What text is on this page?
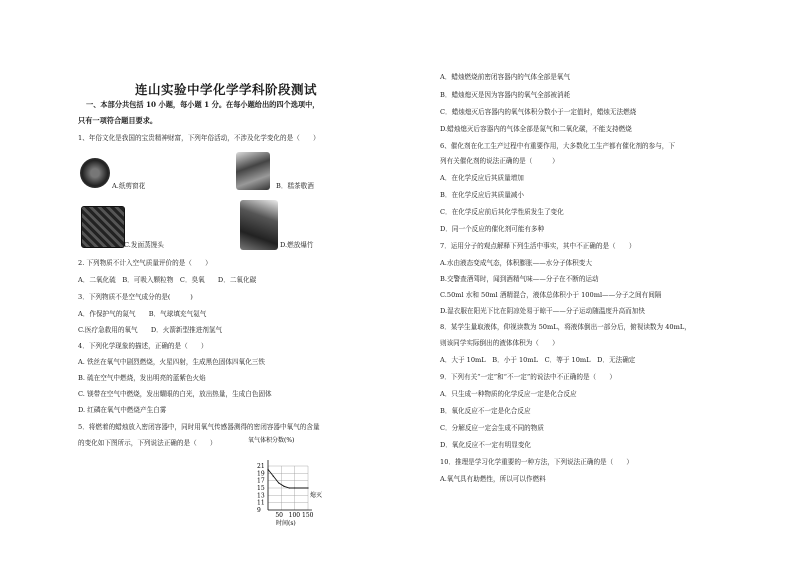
连山实验中学化学学科阶段测试
一、本部分共包括 10 小题，每小题 1 分。在每小题给出的四个选项中，
只有一项符合题目要求。
1、年俗文化是我国的宝贵精神财富，下列年俗活动，不涉及化学变化的是（　　）
A.纸剪窗花	B．糕茶敬酒
C.发面蒸馒头	D.燃放爆竹
2. 下列物质不计入空气质量评价的是（　　）
A．二氧化硫　B．可吸入颗粒物　C．臭氧　　D．二氧化碳
3．下列物质不是空气成分的是(　　　)
A．作保护气的氮气　　B．气球填充气氦气
C.医疗急救用的氧气　　D．火箭新型推进剂氢气
4．下列化学现象的描述，正确的是（　　）
A. 铁丝在氧气中剧烈燃烧，火星四射，生成黑色固体四氧化三铁
B. 硫在空气中燃烧，发出明亮的蓝紫色火焰
C. 镁带在空气中燃烧，发出耀眼的白光，放出热量，生成白色固体
D. 红磷在氧气中燃烧产生白雾
5．将燃着的蜡烛放入密闭容器中，同时用氧气传感器测得的密闭容器中氧气的含量
的变化如下图所示，下列说法正确的是（　　）	氧气体积分数(%)
21
19
17
15
13
11
9
50 100 150
时间(s)
熄灭
A．蜡烛燃烧前密闭容器内的气体全部是氧气
B．蜡烛熄灭是因为容器内的氧气全部被消耗
C．蜡烛熄灭后容器内的氧气体积分数小于一定值时，蜡烛无法燃烧
D.蜡烛熄灭后容器内的气体全部是氮气和二氧化碳，不能支持燃烧
6、催化剂在化工生产过程中有重要作用，大多数化工生产都有催化剂的参与，下
列有关催化剂的说法正确的是（　　　）
A．在化学反应后其质量增加
B．在化学反应后其质量减小
C．在化学反应前后其化学性质发生了变化
D．同一个反应的催化剂可能有多种
7．运用分子的观点解释下列生活中事实，其中不正确的是（　　）
A.水由液态变成气态，体积膨胀——水分子体积变大
B.交警查酒驾时，闻到酒精气味——分子在不断的运动
C.50ml 水和 50ml 酒精混合，液体总体积小于 100ml——分子之间有间隔
D.湿衣服在阳光下比在阴凉处易于晾干——分子运动随温度升高而加快
8．某学生量取液体，仰视读数为 50mL，将液体倒出一部分后，俯视读数为 40mL，
则该同学实际倒出的液体体积为（　　）
A．大于 10mL　B．小于 10mL　C．等于 10mL　D．无法确定
9．下列有关“一定”和“不一定”的说法中不正确的是（　　）
A．只生成一种物质的化学反应一定是化合反应
B．氧化反应不一定是化合反应
C．分解反应一定会生成不同的物质
D．氧化反应不一定有明显变化
10．推理是学习化学重要的一种方法，下列说法正确的是（　　）
A.氧气具有助燃性，所以可以作燃料
